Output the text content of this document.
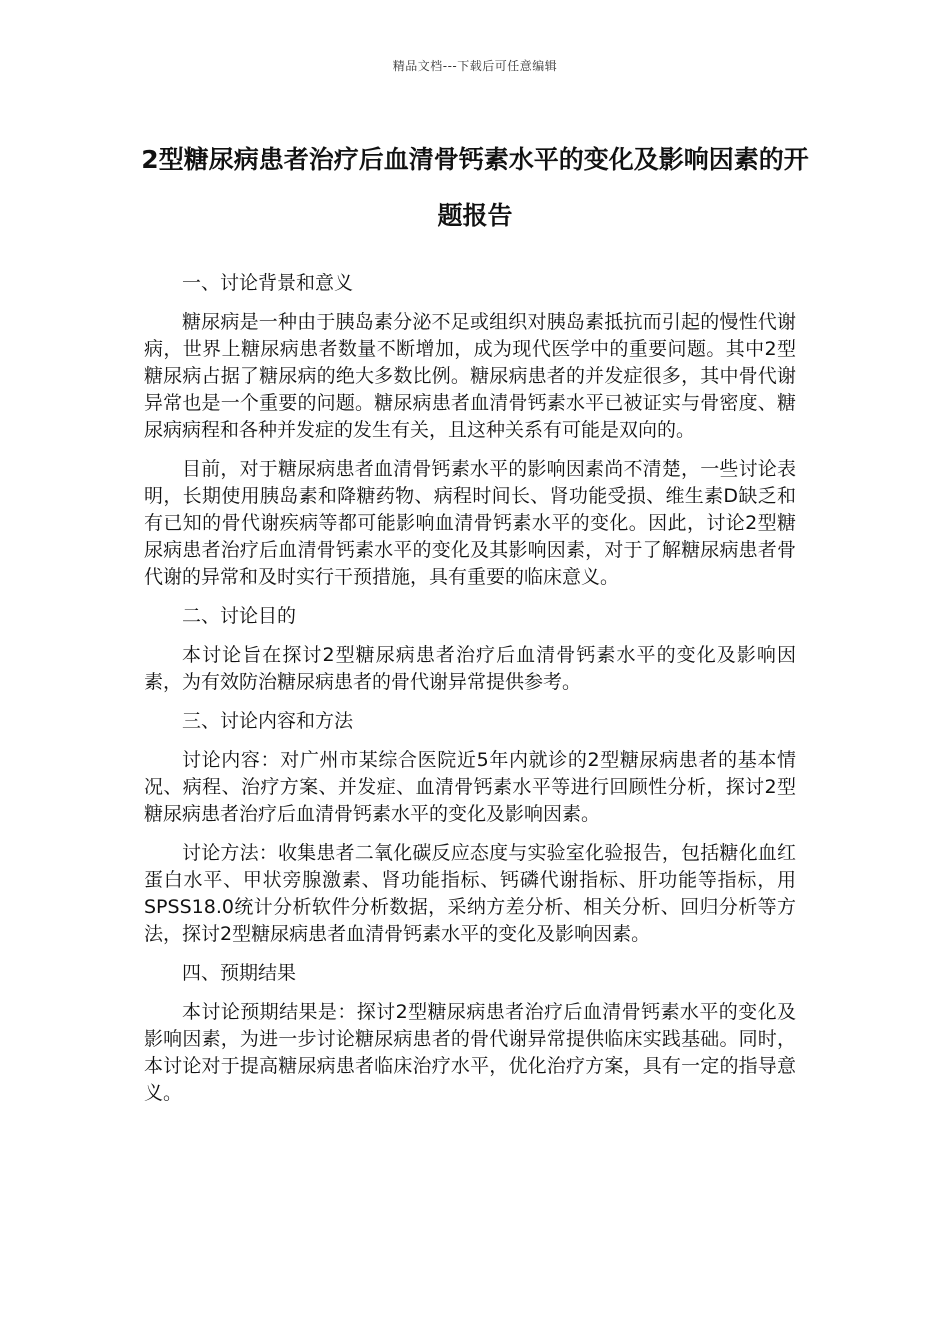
精品文档---下载后可任意编辑
2型糖尿病患者治疗后血清骨钙素水平的变化及影响因素的开题报告

一、讨论背景和意义

糖尿病是一种由于胰岛素分泌不足或组织对胰岛素抵抗而引起的慢性代谢病，世界上糖尿病患者数量不断增加，成为现代医学中的重要问题。其中2型糖尿病占据了糖尿病的绝大多数比例。糖尿病患者的并发症很多，其中骨代谢异常也是一个重要的问题。糖尿病患者血清骨钙素水平已被证实与骨密度、糖尿病病程和各种并发症的发生有关，且这种关系有可能是双向的。

目前，对于糖尿病患者血清骨钙素水平的影响因素尚不清楚，一些讨论表明，长期使用胰岛素和降糖药物、病程时间长、肾功能受损、维生素D缺乏和有已知的骨代谢疾病等都可能影响血清骨钙素水平的变化。因此，讨论2型糖尿病患者治疗后血清骨钙素水平的变化及其影响因素，对于了解糖尿病患者骨代谢的异常和及时实行干预措施，具有重要的临床意义。

二、讨论目的

本讨论旨在探讨2型糖尿病患者治疗后血清骨钙素水平的变化及影响因素，为有效防治糖尿病患者的骨代谢异常提供参考。

三、讨论内容和方法

讨论内容：对广州市某综合医院近5年内就诊的2型糖尿病患者的基本情况、病程、治疗方案、并发症、血清骨钙素水平等进行回顾性分析，探讨2型糖尿病患者治疗后血清骨钙素水平的变化及影响因素。

讨论方法：收集患者二氧化碳反应态度与实验室化验报告，包括糖化血红蛋白水平、甲状旁腺激素、肾功能指标、钙磷代谢指标、肝功能等指标，用SPSS18.0统计分析软件分析数据，采纳方差分析、相关分析、回归分析等方法，探讨2型糖尿病患者血清骨钙素水平的变化及影响因素。

四、预期结果

本讨论预期结果是：探讨2型糖尿病患者治疗后血清骨钙素水平的变化及影响因素，为进一步讨论糖尿病患者的骨代谢异常提供临床实践基础。同时，本讨论对于提高糖尿病患者临床治疗水平，优化治疗方案，具有一定的指导意义。
